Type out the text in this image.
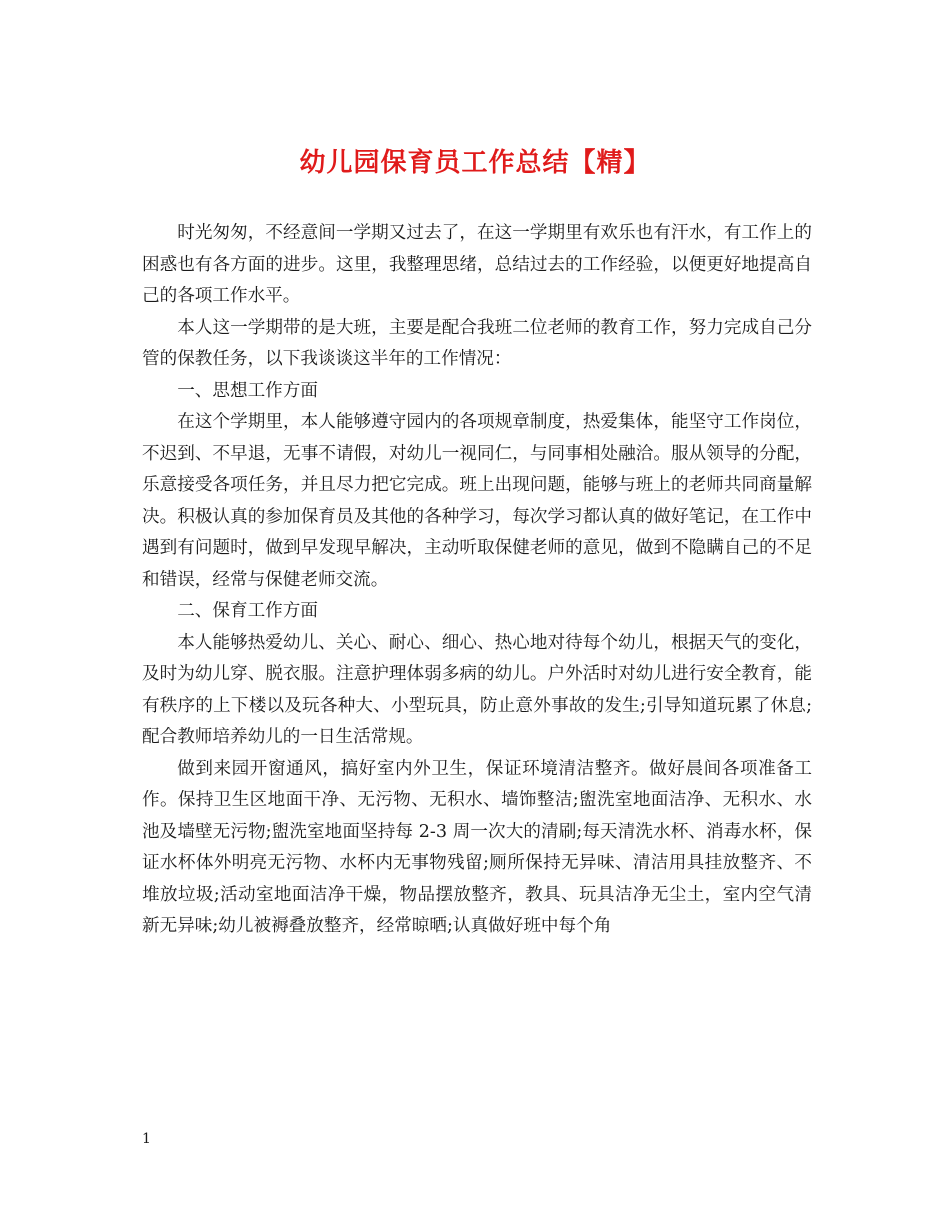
幼儿园保育员工作总结【精】

时光匆匆，不经意间一学期又过去了，在这一学期里有欢乐也有汗水，有工作上的困惑也有各方面的进步。这里，我整理思绪，总结过去的工作经验，以便更好地提高自己的各项工作水平。

本人这一学期带的是大班，主要是配合我班二位老师的教育工作，努力完成自己分管的保教任务，以下我谈谈这半年的工作情况：

一、思想工作方面

在这个学期里，本人能够遵守园内的各项规章制度，热爱集体，能坚守工作岗位，不迟到、不早退，无事不请假，对幼儿一视同仁，与同事相处融洽。服从领导的分配，乐意接受各项任务，并且尽力把它完成。班上出现问题，能够与班上的老师共同商量解决。积极认真的参加保育员及其他的各种学习，每次学习都认真的做好笔记，在工作中遇到有问题时，做到早发现早解决，主动听取保健老师的意见，做到不隐瞒自己的不足和错误，经常与保健老师交流。

二、保育工作方面

本人能够热爱幼儿、关心、耐心、细心、热心地对待每个幼儿，根据天气的变化，及时为幼儿穿、脱衣服。注意护理体弱多病的幼儿。户外活时对幼儿进行安全教育，能有秩序的上下楼以及玩各种大、小型玩具，防止意外事故的发生;引导知道玩累了休息;配合教师培养幼儿的一日生活常规。

做到来园开窗通风，搞好室内外卫生，保证环境清洁整齐。做好晨间各项准备工作。保持卫生区地面干净、无污物、无积水、墙饰整洁;盥洗室地面洁净、无积水、水池及墙壁无污物;盥洗室地面坚持每 2-3 周一次大的清刷;每天清洗水杯、消毒水杯，保证水杯体外明亮无污物、水杯内无事物残留;厕所保持无异味、清洁用具挂放整齐、不堆放垃圾;活动室地面洁净干燥，物品摆放整齐，教具、玩具洁净无尘土，室内空气清新无异味;幼儿被褥叠放整齐，经常晾晒;认真做好班中每个角

1
